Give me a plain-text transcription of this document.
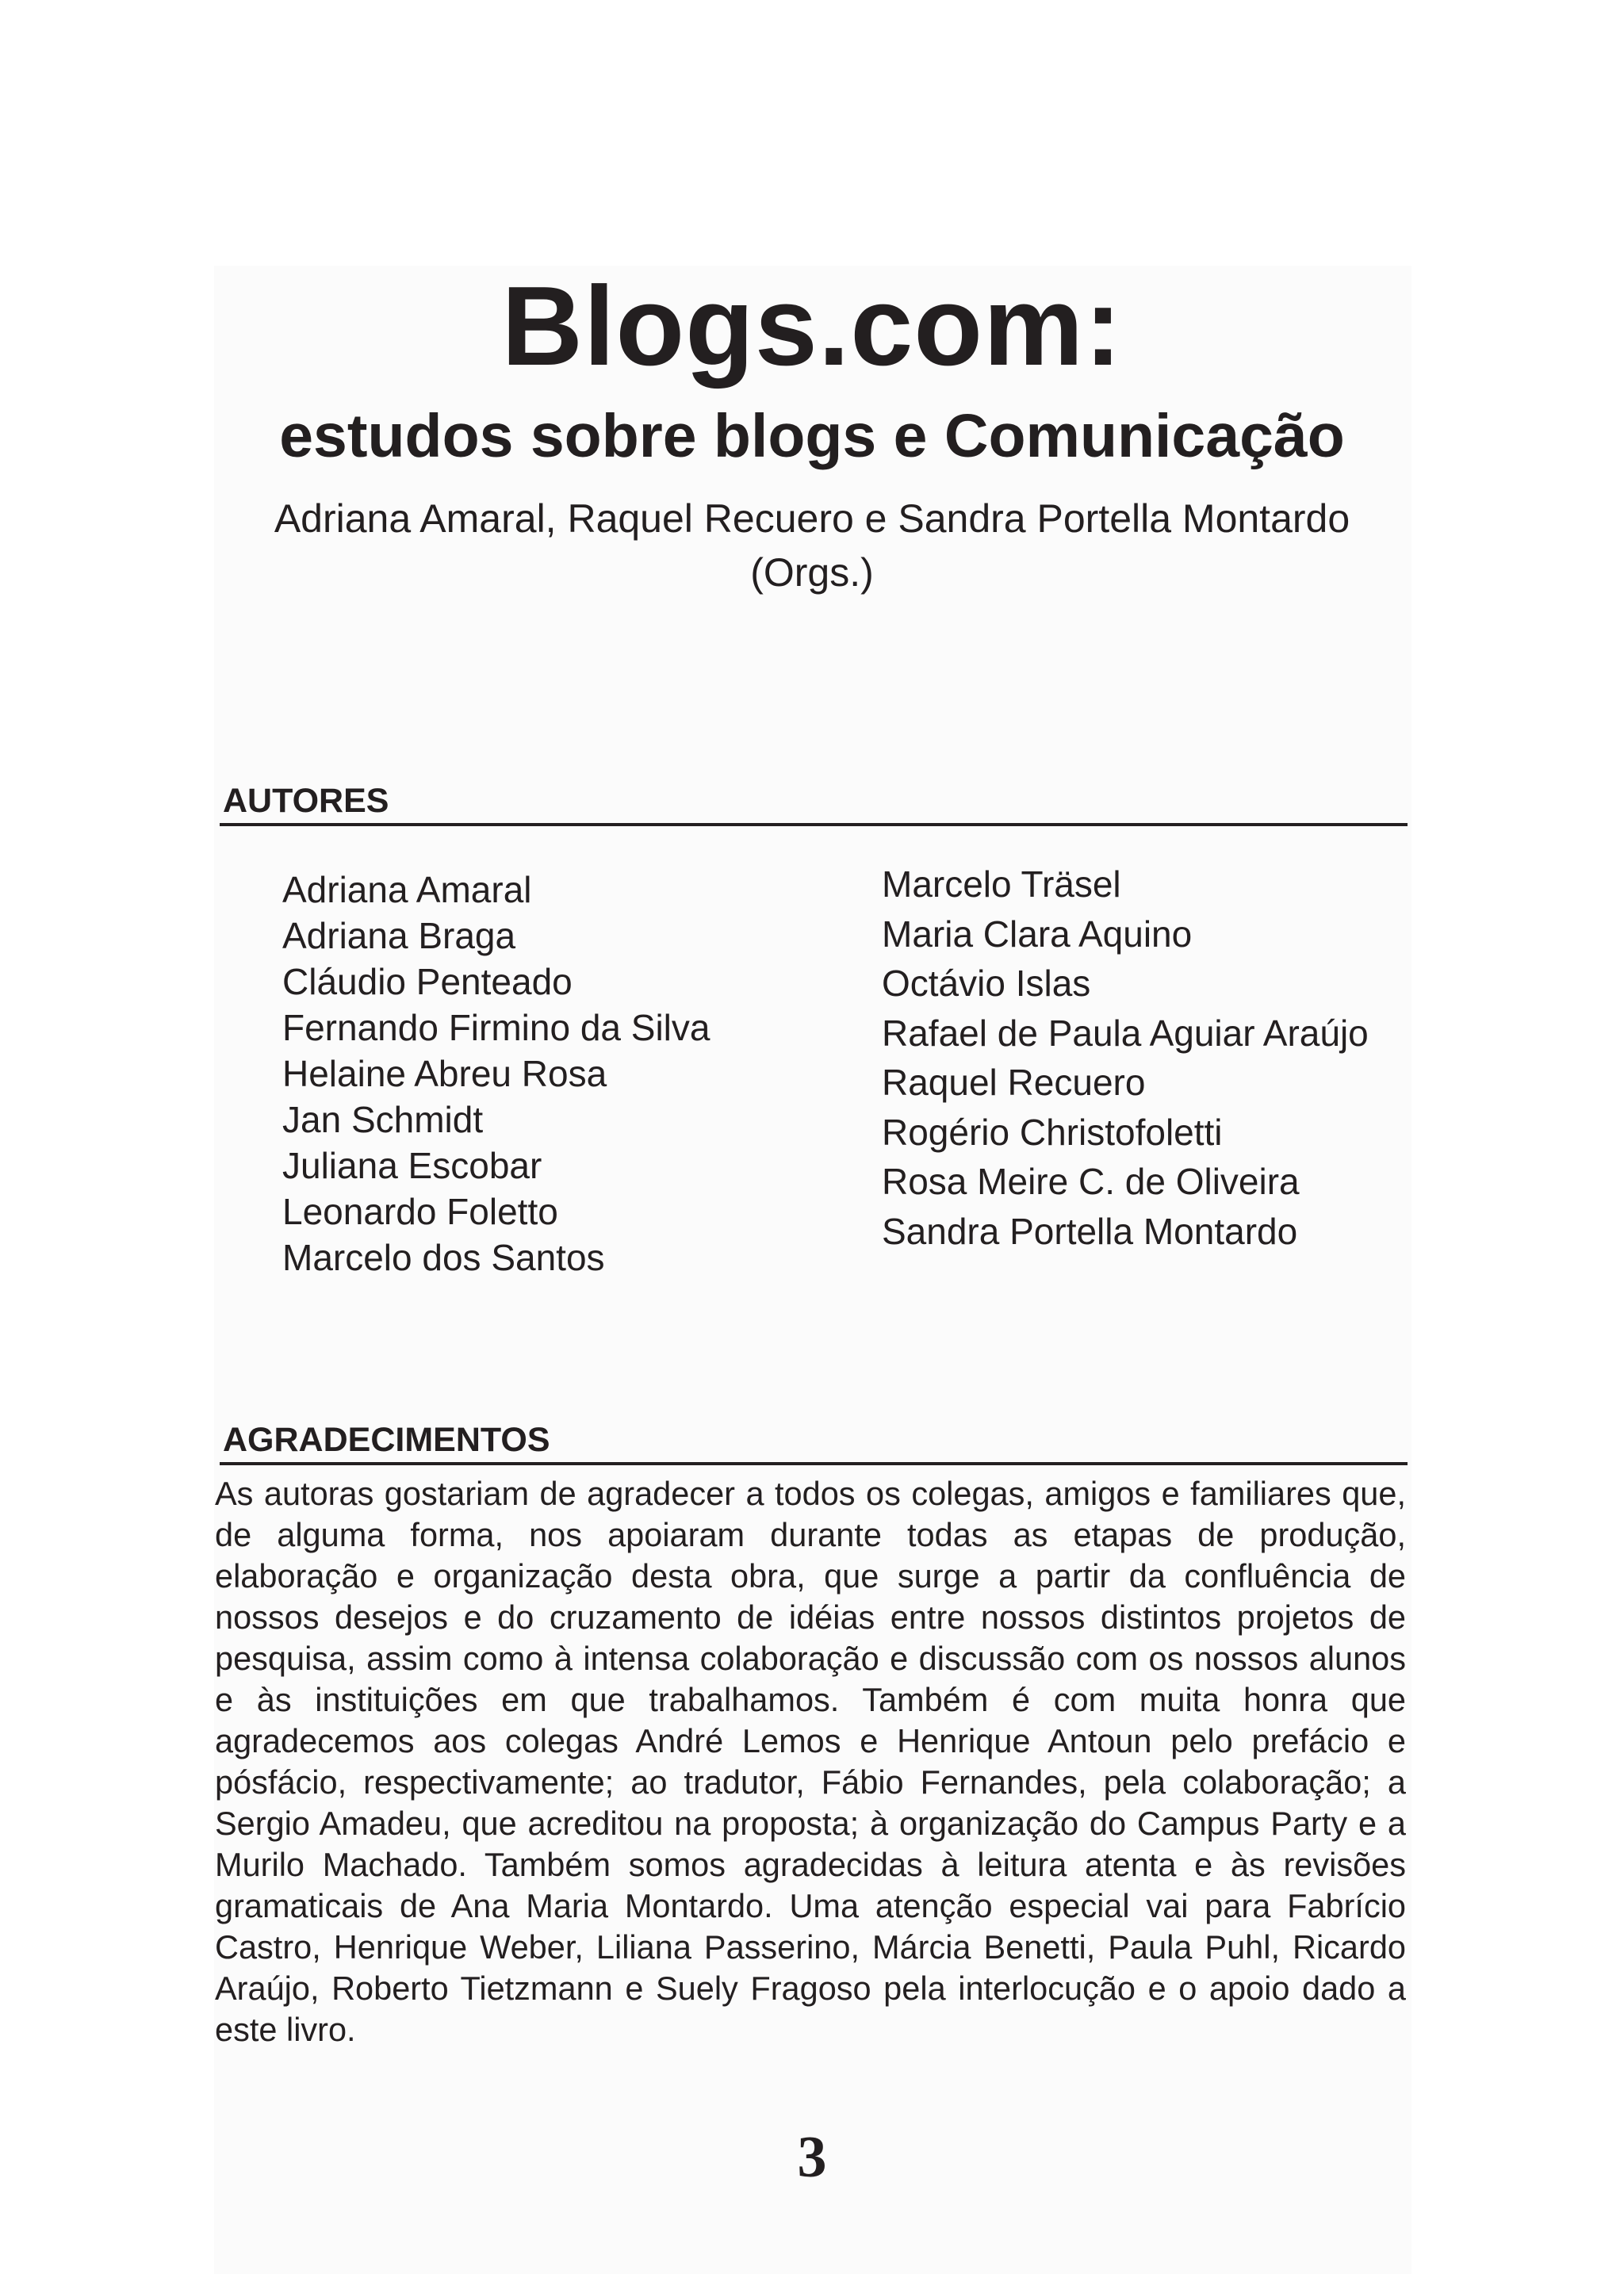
Blogs.com:
estudos sobre blogs e Comunicação
Adriana Amaral, Raquel Recuero e Sandra Portella Montardo
(Orgs.)
AUTORES
Adriana Amaral
Adriana Braga
Cláudio Penteado
Fernando Firmino da Silva
Helaine Abreu Rosa
Jan Schmidt
Juliana Escobar
Leonardo Foletto
Marcelo dos Santos
Marcelo Träsel
Maria Clara Aquino
Octávio Islas
Rafael de Paula Aguiar Araújo
Raquel Recuero
Rogério Christofoletti
Rosa Meire C. de Oliveira
Sandra Portella Montardo
AGRADECIMENTOS

As autoras gostariam de agradecer a todos os colegas, amigos e familiares que, de alguma forma, nos apoiaram durante todas as etapas de produção, elaboração e organização desta obra, que surge a partir da confluência de nossos desejos e do cruzamento de idéias entre nossos distintos projetos de pesquisa, assim como à intensa colaboração e discussão com os nossos alunos e às instituições em que trabalhamos. Também é com muita honra que agradecemos aos colegas André Lemos e Henrique Antoun pelo prefácio e pósfácio, respectivamente; ao tradutor, Fábio Fernandes, pela colaboração; a Sergio Amadeu, que acreditou na proposta; à organização do Campus Party e a Murilo Machado. Também somos agradecidas à leitura atenta e às revisões gramaticais de Ana Maria Montardo. Uma atenção especial vai para Fabrício Castro, Henrique Weber, Liliana Passerino, Márcia Benetti, Paula Puhl, Ricardo Araújo, Roberto Tietzmann e Suely Fragoso pela interlocução e o apoio dado a este livro.

3
